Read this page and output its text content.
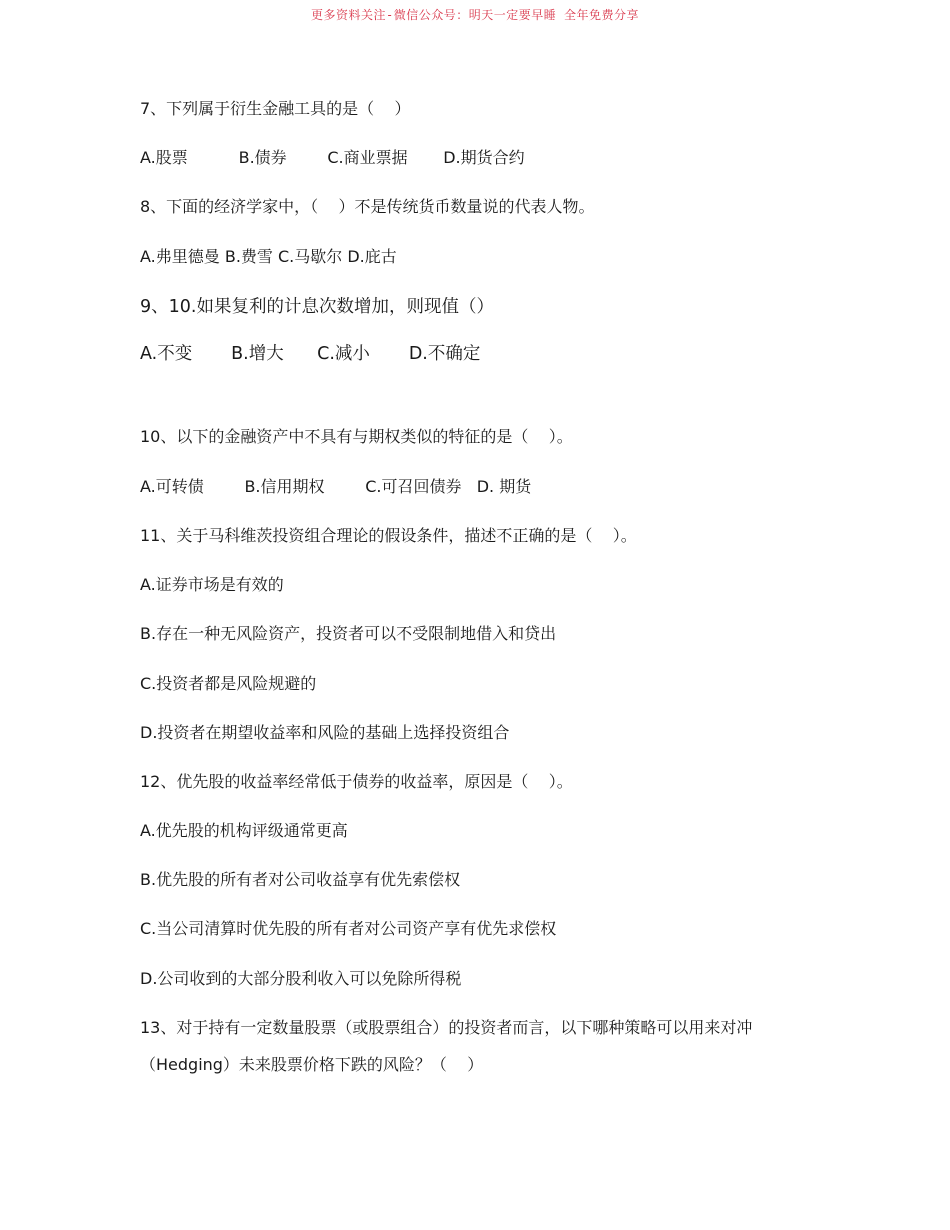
更多资料关注-微信公众号：明天一定要早睡 全年免费分享
7、下列属于衍生金融工具的是（    ）
A.股票          B.债券        C.商业票据       D.期货合约
8、下面的经济学家中，（    ）不是传统货币数量说的代表人物。
A.弗里德曼 B.费雪 C.马歇尔 D.庇古
9、10.如果复利的计息次数增加，则现值（）
A.不变       B.增大      C.减小       D.不确定
10、以下的金融资产中不具有与期权类似的特征的是（    ）。
A.可转债        B.信用期权        C.可召回债券   D. 期货
11、关于马科维茨投资组合理论的假设条件，描述不正确的是（    ）。
A.证券市场是有效的
B.存在一种无风险资产，投资者可以不受限制地借入和贷出
C.投资者都是风险规避的
D.投资者在期望收益率和风险的基础上选择投资组合
12、优先股的收益率经常低于债券的收益率，原因是（    ）。
A.优先股的机构评级通常更高
B.优先股的所有者对公司收益享有优先索偿权
C.当公司清算时优先股的所有者对公司资产享有优先求偿权
D.公司收到的大部分股利收入可以免除所得税
13、对于持有一定数量股票（或股票组合）的投资者而言，以下哪种策略可以用来对冲
（Hedging）未来股票价格下跌的风险？（    ）
